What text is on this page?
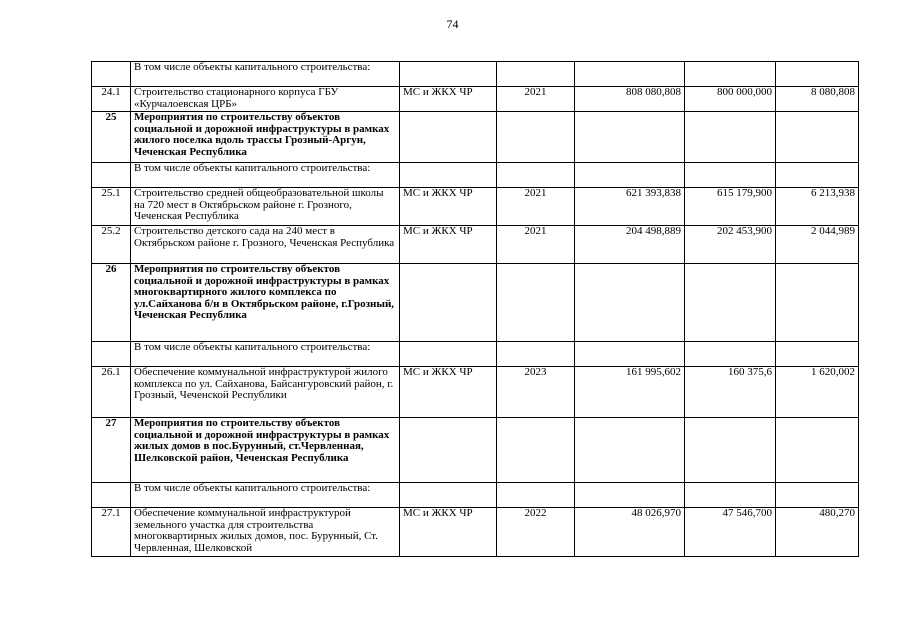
74
	В том числе объекты капитального строительства:					
24.1	Строительство стационарного корпуса ГБУ «Курчалоевская ЦРБ»	МС и ЖКХ ЧР	2021	808 080,808	800 000,000	8 080,808
25	Мероприятия по строительству объектов социальной и дорожной инфраструктуры в рамках жилого поселка вдоль трассы Грозный-Аргун, Чеченская Республика					
	В том числе объекты капитального строительства:					
25.1	Строительство средней общеобразовательной школы на 720 мест в Октябрьском районе г. Грозного, Чеченская Республика	МС и ЖКХ ЧР	2021	621 393,838	615 179,900	6 213,938
25.2	Строительство детского сада на 240 мест в Октябрьском районе г. Грозного, Чеченская Республика	МС и ЖКХ ЧР	2021	204 498,889	202 453,900	2 044,989
26	Мероприятия по строительству объектов социальной и дорожной инфраструктуры в рамках многоквартирного жилого комплекса по ул.Сайханова б/н в Октябрьском районе, г.Грозный, Чеченская Республика					
	В том числе объекты капитального строительства:					
26.1	Обеспечение коммунальной инфраструктурой жилого комплекса по ул. Сайханова, Байсангуровский район, г. Грозный, Чеченской Республики	МС и ЖКХ ЧР	2023	161 995,602	160 375,6	1 620,002
27	Мероприятия по строительству объектов социальной и дорожной инфраструктуры в рамках жилых домов в пос.Бурунный, ст.Червленная, Шелковской район, Чеченская Республика					
	В том числе объекты капитального строительства:					
27.1	Обеспечение коммунальной инфраструктурой земельного участка для строительства многоквартирных жилых домов, пос. Бурунный, Ст. Червленная, Шелковской	МС и ЖКХ ЧР	2022	48 026,970	47 546,700	480,270
